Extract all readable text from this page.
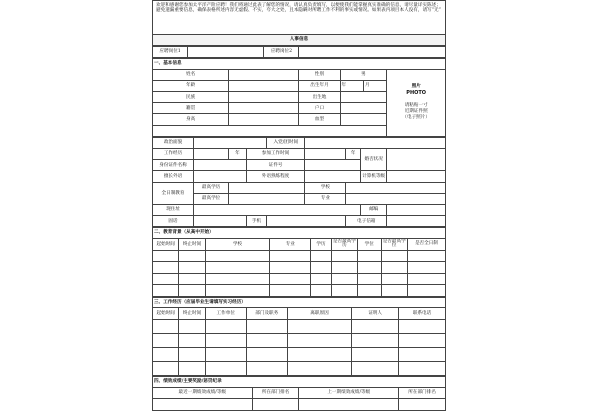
欢迎和感谢您参加太平洋产险应聘！我们将通过此表了解您的情况，请认真负责填写，以便使我们能掌握真实准确的信息，请尽量详实陈述；避免遗漏重要信息，确保表格所述内容无虚假、不实，夸大之处，且本隐瞒对所聘工作不利的事实或情况。如果表内项目本人没有，请写“无”
人事信息
应聘岗位1		应聘岗位2	
一、基本信息					
姓名		性别	男		照片
PHOTO
请粘贴一寸
近期证件照
（电子照片）

年龄		出生年月	年	月	
民族		出生地			
籍贯		户口			
身高		血型			

政治面貌				入党/团时间				
工作经历		年	参加工作时间			年	婚否状况	
身份证件名称			证件号					
擅长外语			外语熟练程度				计算机等级	
全日制教育	最高学历				学校			
	最高学位				专业			
现住址							邮编	
固话			手机			电子信箱		
二、教育背景（从高中开始）								
起始时间	终止时间	学校	专业	学历	是否最高学历	学位	是否最高学位	是否全日制

三、工作经历（应届毕业生请填写实习经历）						
起始时间	终止时间	工作单位	部门及职务	离职原因	证明人	联系电话

四、绩效成绩/主要奖励/惩罚纪录			
最近一期绩效成绩/等级	所在部门排名	上一期绩效成绩/等级	所在部门排名
